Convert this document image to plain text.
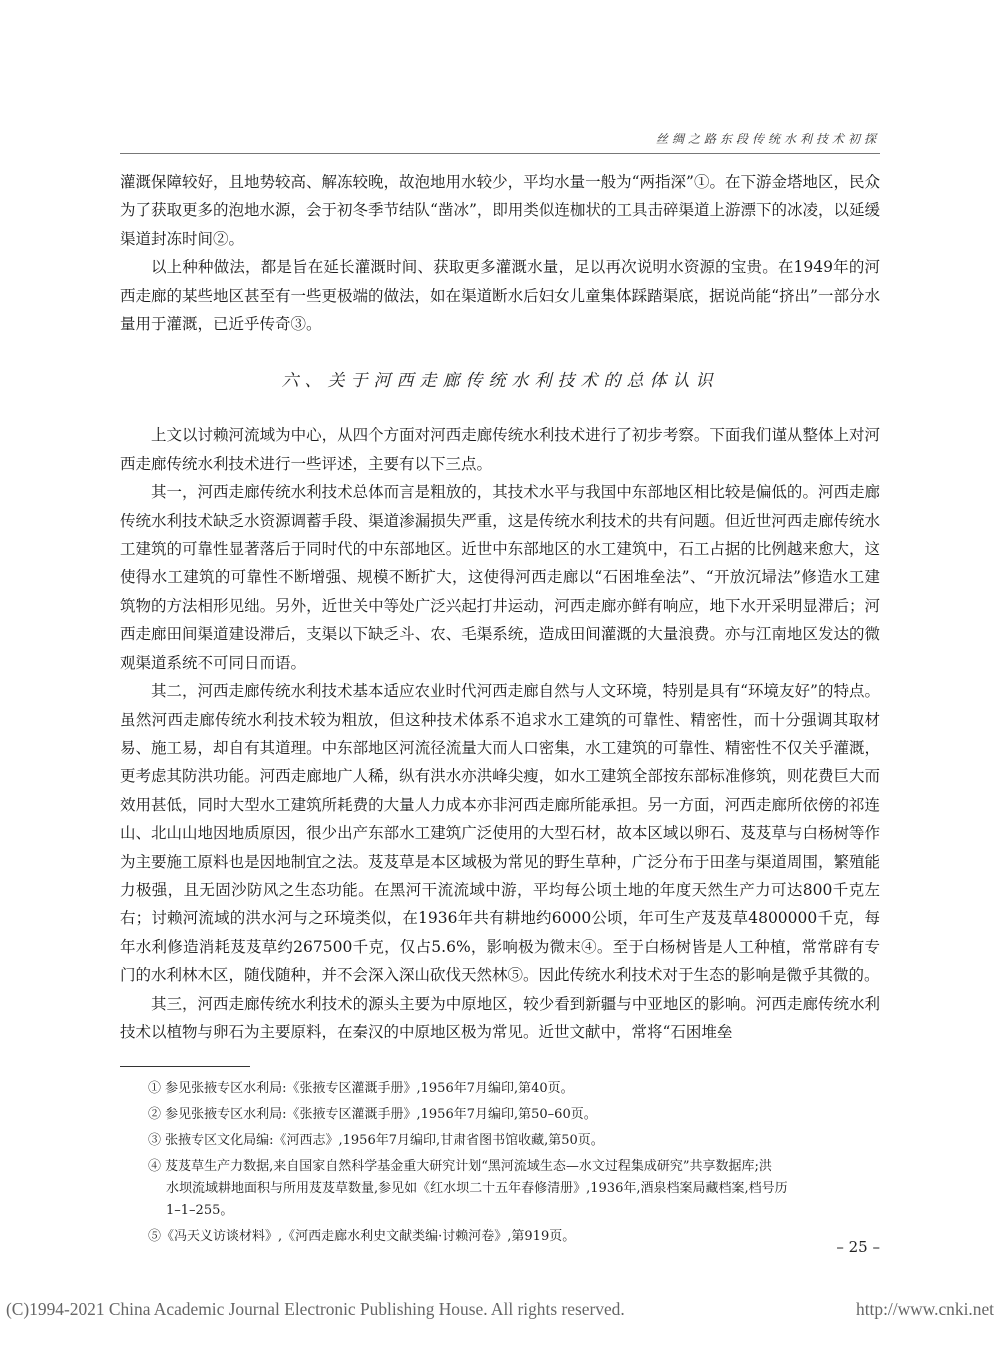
丝绸之路东段传统水利技术初探

灌溉保障较好，且地势较高、解冻较晚，故泡地用水较少，平均水量一般为“两指深”①。在下游金塔地区，民众为了获取更多的泡地水源，会于初冬季节结队“凿冰”，即用类似连枷状的工具击碎渠道上游漂下的冰凌，以延缓渠道封冻时间②。

以上种种做法，都是旨在延长灌溉时间、获取更多灌溉水量，足以再次说明水资源的宝贵。在1949年的河西走廊的某些地区甚至有一些更极端的做法，如在渠道断水后妇女儿童集体踩踏渠底，据说尚能“挤出”一部分水量用于灌溉，已近乎传奇③。

六、关于河西走廊传统水利技术的总体认识

上文以讨赖河流域为中心，从四个方面对河西走廊传统水利技术进行了初步考察。下面我们谨从整体上对河西走廊传统水利技术进行一些评述，主要有以下三点。

其一，河西走廊传统水利技术总体而言是粗放的，其技术水平与我国中东部地区相比较是偏低的。河西走廊传统水利技术缺乏水资源调蓄手段、渠道渗漏损失严重，这是传统水利技术的共有问题。但近世河西走廊传统水工建筑的可靠性显著落后于同时代的中东部地区。近世中东部地区的水工建筑中，石工占据的比例越来愈大，这使得水工建筑的可靠性不断增强、规模不断扩大，这使得河西走廊以“石困堆垒法”、“开放沉埽法”修造水工建筑物的方法相形见绌。另外，近世关中等处广泛兴起打井运动，河西走廊亦鲜有响应，地下水开采明显滞后；河西走廊田间渠道建设滞后，支渠以下缺乏斗、农、毛渠系统，造成田间灌溉的大量浪费。亦与江南地区发达的微观渠道系统不可同日而语。

其二，河西走廊传统水利技术基本适应农业时代河西走廊自然与人文环境，特别是具有“环境友好”的特点。虽然河西走廊传统水利技术较为粗放，但这种技术体系不追求水工建筑的可靠性、精密性，而十分强调其取材易、施工易，却自有其道理。中东部地区河流径流量大而人口密集，水工建筑的可靠性、精密性不仅关乎灌溉，更考虑其防洪功能。河西走廊地广人稀，纵有洪水亦洪峰尖瘦，如水工建筑全部按东部标准修筑，则花费巨大而效用甚低，同时大型水工建筑所耗费的大量人力成本亦非河西走廊所能承担。另一方面，河西走廊所依傍的祁连山、北山山地因地质原因，很少出产东部水工建筑广泛使用的大型石材，故本区域以卵石、芨芨草与白杨树等作为主要施工原料也是因地制宜之法。芨芨草是本区域极为常见的野生草种，广泛分布于田垄与渠道周围，繁殖能力极强，且无固沙防风之生态功能。在黑河干流流域中游，平均每公顷土地的年度天然生产力可达800千克左右；讨赖河流域的洪水河与之环境类似，在1936年共有耕地约6000公顷，年可生产芨芨草4800000千克，每年水利修造消耗芨芨草约267500千克，仅占5.6%，影响极为微末④。至于白杨树皆是人工种植，常常辟有专门的水利林木区，随伐随种，并不会深入深山砍伐天然林⑤。因此传统水利技术对于生态的影响是微乎其微的。

其三，河西走廊传统水利技术的源头主要为中原地区，较少看到新疆与中亚地区的影响。河西走廊传统水利技术以植物与卵石为主要原料，在秦汉的中原地区极为常见。近世文献中，常将“石困堆垒

① 参见张掖专区水利局:《张掖专区灌溉手册》,1956年7月编印,第40页。

② 参见张掖专区水利局:《张掖专区灌溉手册》,1956年7月编印,第50–60页。

③ 张掖专区文化局编:《河西志》,1956年7月编印,甘肃省图书馆收藏,第50页。

④ 芨芨草生产力数据,来自国家自然科学基金重大研究计划“黑河流域生态—水文过程集成研究”共享数据库;洪

水坝流域耕地面积与所用芨芨草数量,参见如《红水坝二十五年春修清册》,1936年,酒泉档案局藏档案,档号历

1–1–255。

⑤《冯天义访谈材料》,《河西走廊水利史文献类编·讨赖河卷》,第919页。

– 25 –
(C)1994-2021 China Academic Journal Electronic Publishing House. All rights reserved.	http://www.cnki.net
